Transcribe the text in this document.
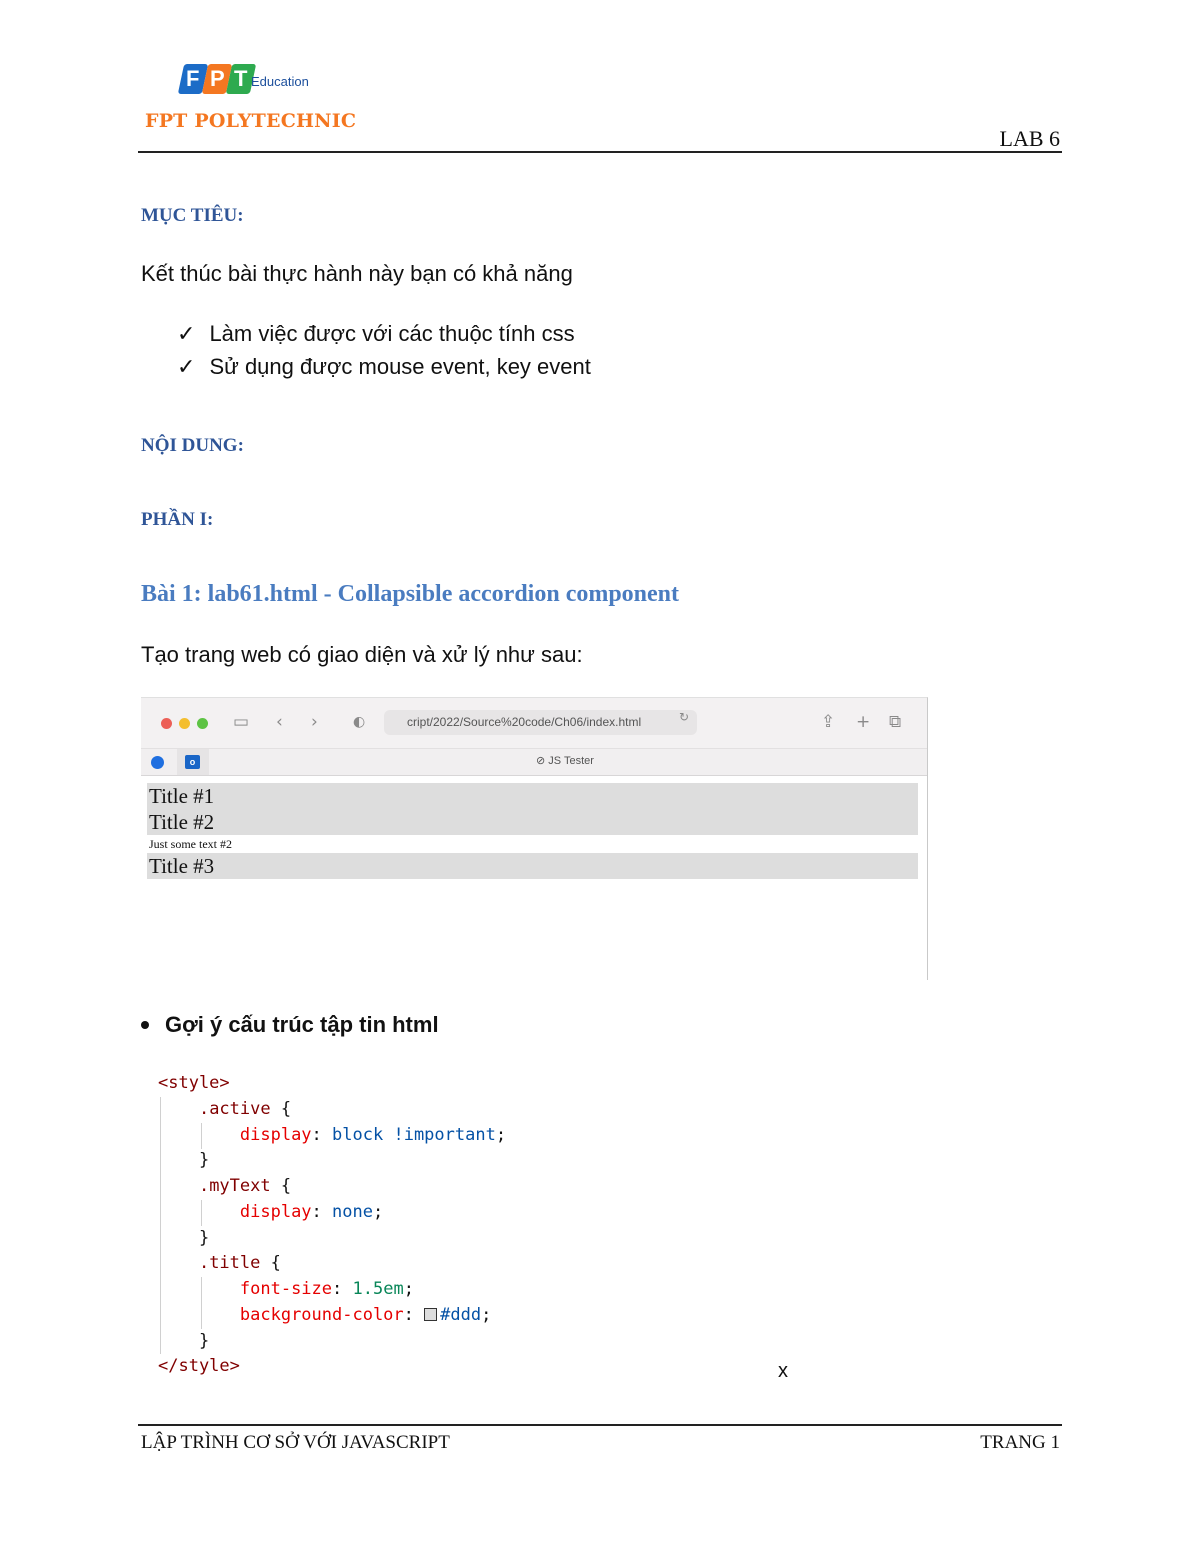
F P T Education
FPT POLYTECHNIC
LAB 6
MỤC TIÊU:
Kết thúc bài thực hành này bạn có khả năng
✓ Làm việc được với các thuộc tính css
✓ Sử dụng được mouse event, key event
NỘI DUNG:
PHẦN I:
Bài 1: lab61.html - Collapsible accordion component
Tạo trang web có giao diện và xử lý như sau:
▭ ‹ ›	◐	cript/2022/Source%20code/Ch06/index.html	↻	⇪ + ⧉
o	⊘ JS Tester
Title #1
Title #2
Just some text #2
Title #3
Gợi ý cấu trúc tập tin html
<style>
.active {
display: block !important;
}
.myText {
display: none;
}
.title {
font-size: 1.5em;
background-color: #ddd;
}
</style>	x
LẬP TRÌNH CƠ SỞ VỚI JAVASCRIPT	TRANG 1
